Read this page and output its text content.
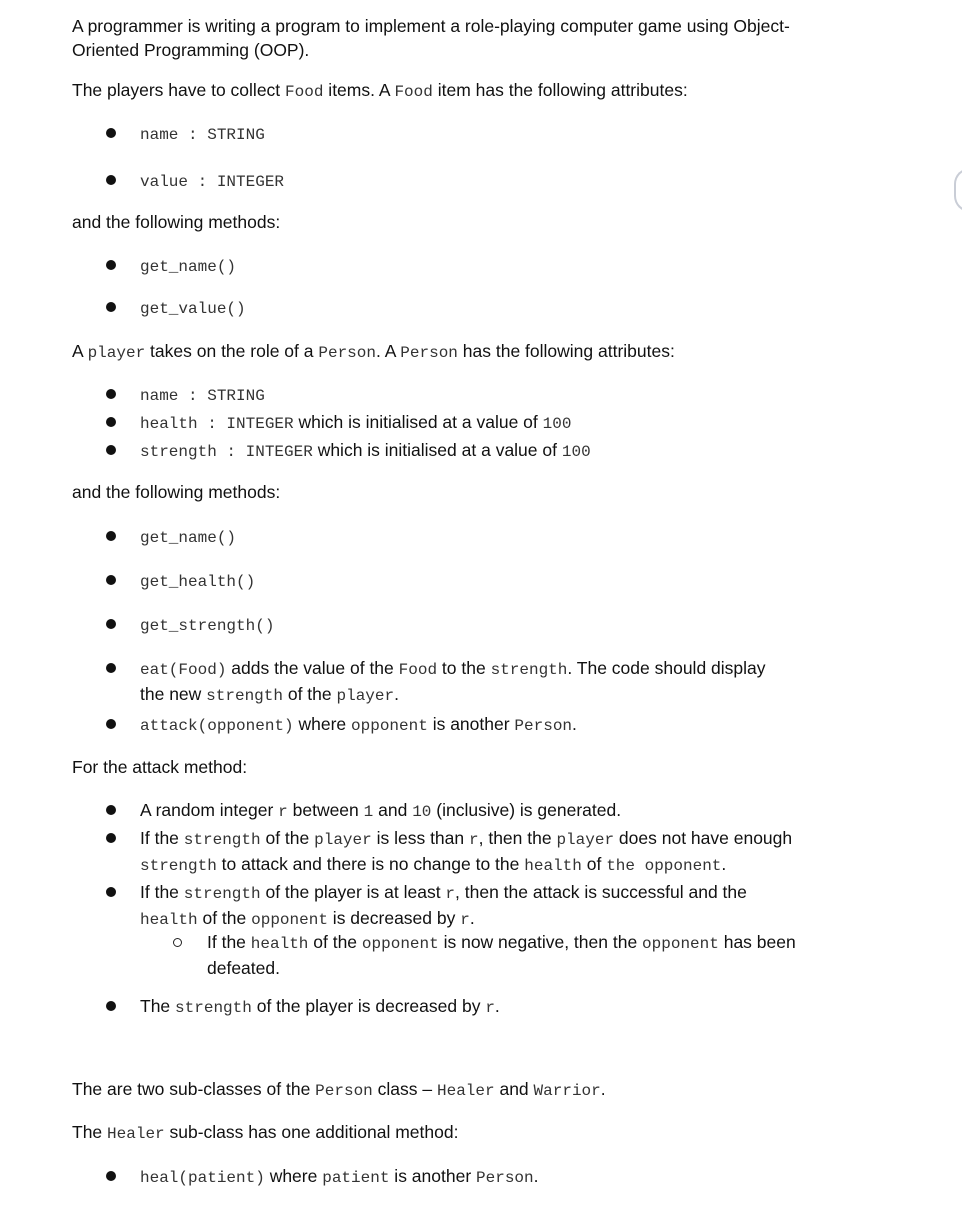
A programmer is writing a program to implement a role-playing computer game using Object-
Oriented Programming (OOP).

The players have to collect Food items. A Food item has the following attributes:

name : STRING

value : INTEGER

and the following methods:

get_name()

get_value()

A player takes on the role of a Person. A Person has the following attributes:

name : STRING

health : INTEGER which is initialised at a value of 100

strength : INTEGER which is initialised at a value of 100

and the following methods:

get_name()

get_health()

get_strength()

eat(Food) adds the value of the Food to the strength. The code should display
the new strength of the player.

attack(opponent) where opponent is another Person.

For the attack method:

A random integer r between 1 and 10 (inclusive) is generated.

If the strength of the player is less than r, then the player does not have enough
strength to attack and there is no change to the health of the opponent.

If the strength of the player is at least r, then the attack is successful and the
health of the opponent is decreased by r.

If the health of the opponent is now negative, then the opponent has been
defeated.

The strength of the player is decreased by r.

The are two sub-classes of the Person class – Healer and Warrior.

The Healer sub-class has one additional method:

heal(patient) where patient is another Person.
